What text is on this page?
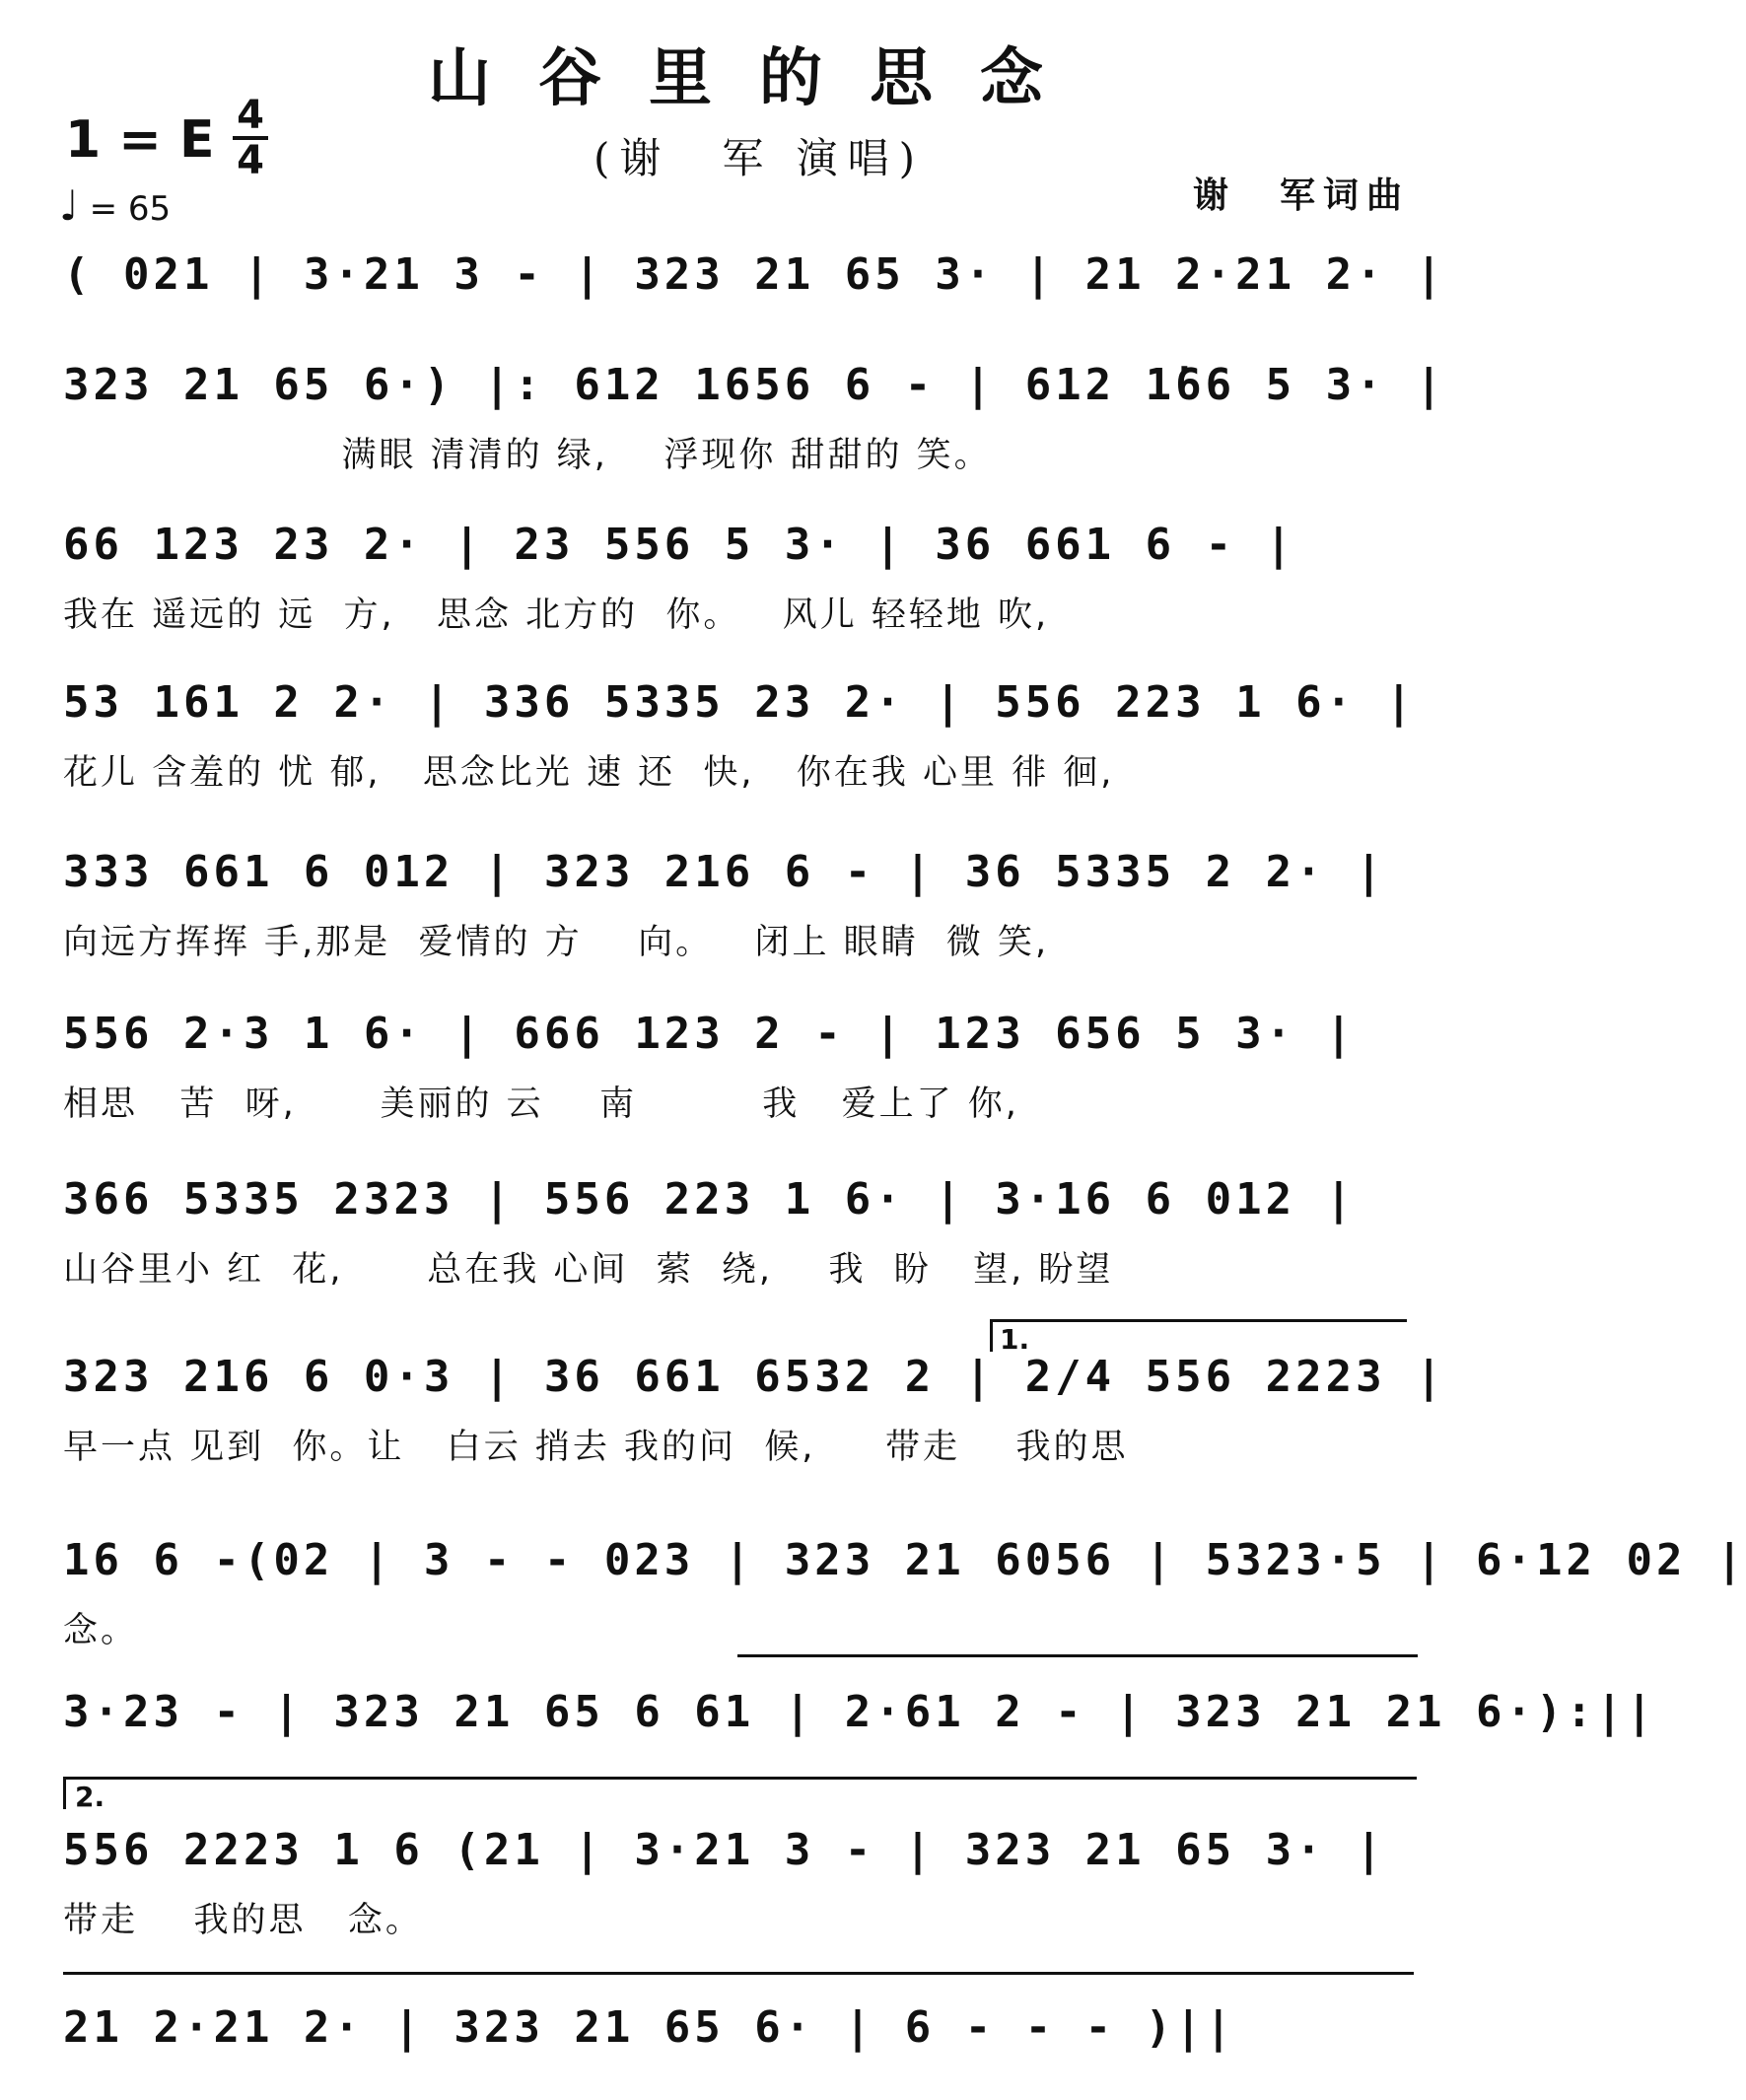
山谷里的思念
(谢　军 演唱)
谢　军词曲
1 = E 4
4
♩ = 65
( 021 | 3·21 3 - | 323 21 65 3· | 21 2·21 2· |
323 21 65 6·) |: 612 1656 6 - | 612 1̇66 5 3· |
满眼 清清的 绿,    浮现你 甜甜的 笑。
66 123 23 2· | 23 556 5 3· | 36 661 6 - |
我在 遥远的 远  方,   思念 北方的  你。   风儿 轻轻地 吹,
53 161 2 2· | 336 5335 23 2· | 556 223 1 6· |
花儿 含羞的 忧 郁,   思念比光 速 还  快,   你在我 心里 徘 徊,
333 661 6 012 | 323 216 6 - | 36 5335 2 2· |
向远方挥挥 手,那是  爱情的 方    向。   闭上 眼睛  微 笑,
556 2·3 1 6· | 666 123 2 - | 123 656 5 3· |
相思   苦  呀,      美丽的 云    南         我   爱上了 你,
366 5335 2323 | 556 223 1 6· | 3·16 6 012 |
山谷里小 红  花,      总在我 心间  萦  绕,    我  盼   望, 盼望
323 216 6 0·3 | 36 661 6532 2 | 2/4 556 2223 |
早一点 见到  你。让   白云 捎去 我的问  候,     带走    我的思
16 6 -(02 | 3 - - 023 | 323 21 6056 | 5323·5 | 6·12 02 |
念。
3·23 - | 323 21 65 6 61 | 2·61 2 - | 323 21 21 6·):||
556 2223 1 6 (21 | 3·21 3 - | 323 21 65 3· |
带走    我的思   念。
21 2·21 2· | 323 21 65 6· | 6 - - - )||
1.
2.
